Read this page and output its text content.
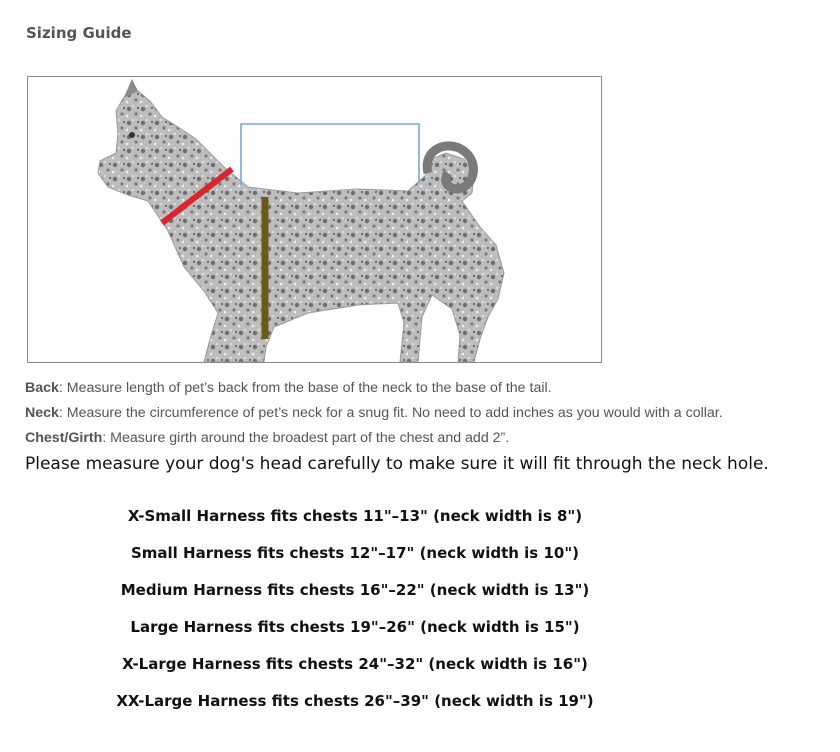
Sizing Guide
Back: Measure length of pet’s back from the base of the neck to the base of the tail.
Neck: Measure the circumference of pet’s neck for a snug fit. No need to add inches as you would with a collar.
Chest/Girth: Measure girth around the broadest part of the chest and add 2”.
Please measure your dog's head carefully to make sure it will fit through the neck hole.
X-Small Harness fits chests 11"–13" (neck width is 8")
Small Harness fits chests 12"–17" (neck width is 10")
Medium Harness fits chests 16"–22" (neck width is 13")
Large Harness fits chests 19"–26" (neck width is 15")
X-Large Harness fits chests 24"–32" (neck width is 16")
XX-Large Harness fits chests 26"–39" (neck width is 19")
